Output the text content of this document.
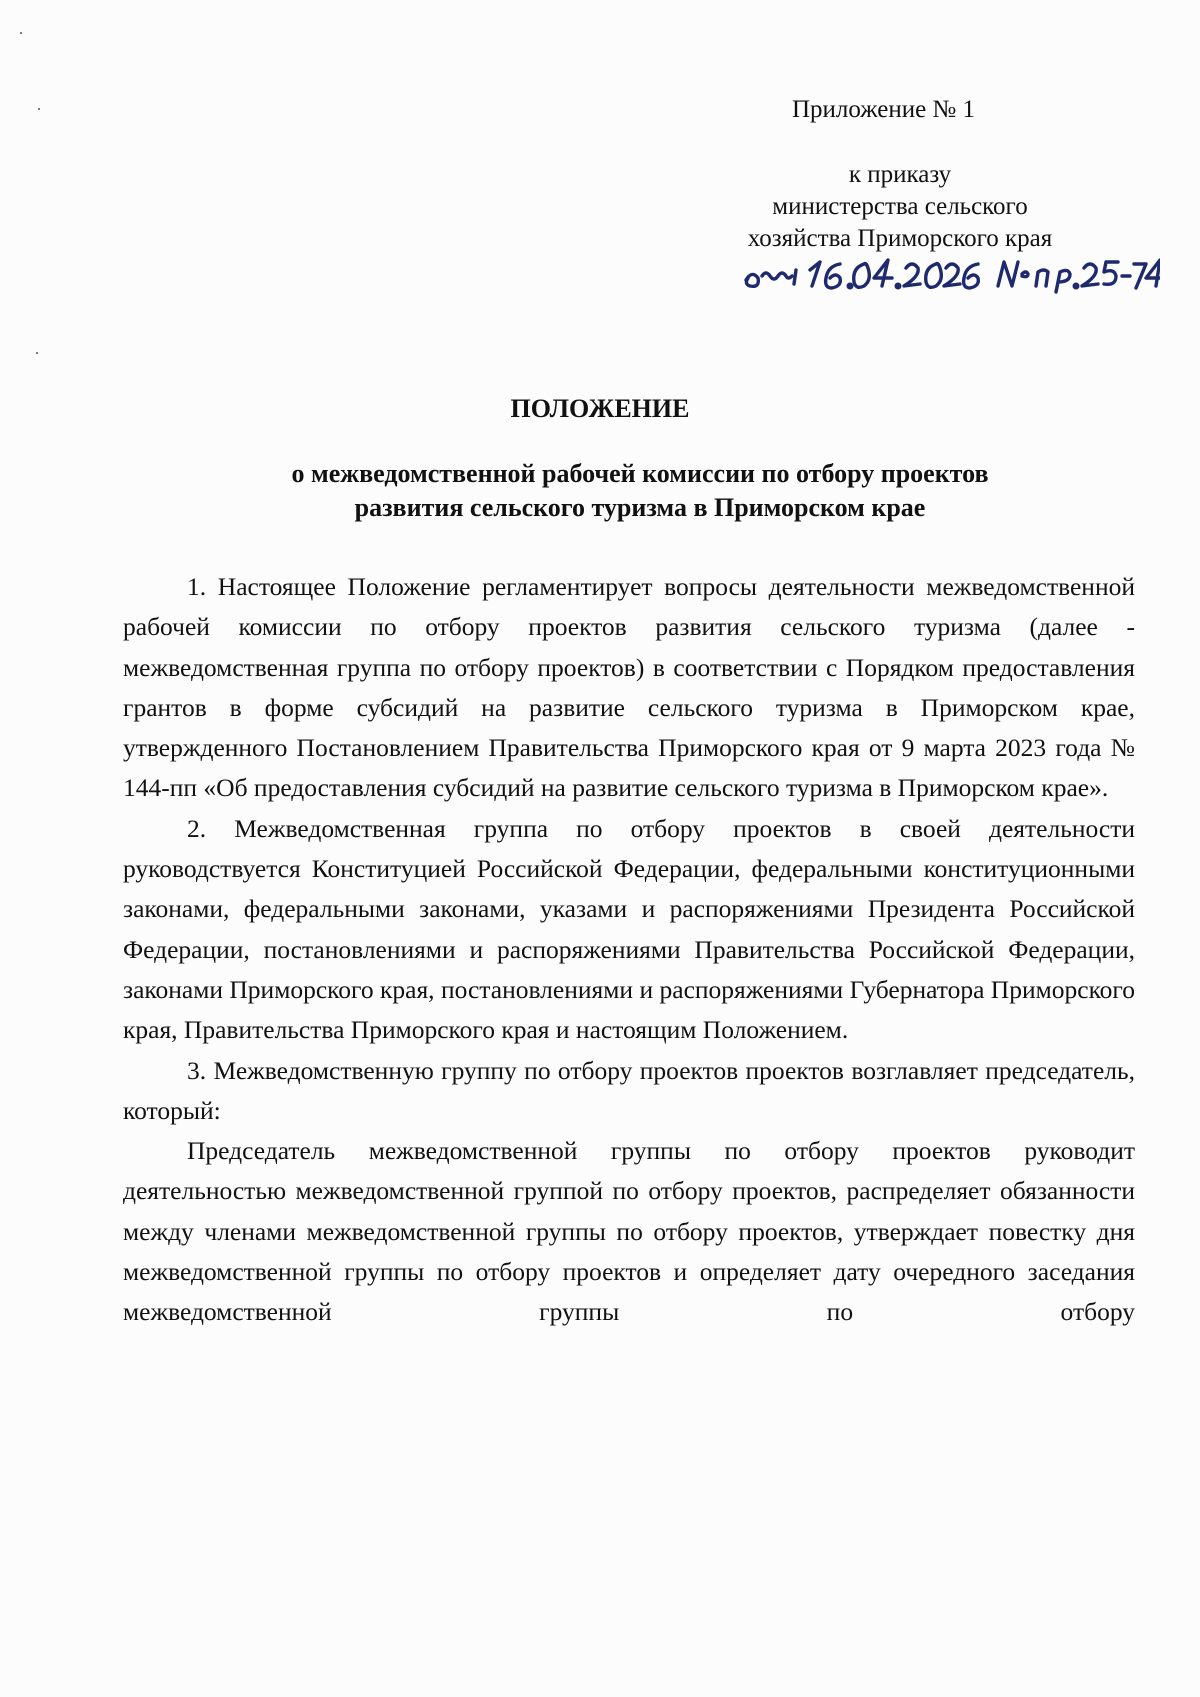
Приложение № 1
к приказу
министерства сельского
хозяйства Приморского края
ПОЛОЖЕНИЕ
о межведомственной рабочей комиссии по отбору проектов
развития сельского туризма в Приморском крае

1. Настоящее Положение регламентирует вопросы деятельности межведомственной рабочей комиссии по отбору проектов развития сельского туризма (далее - межведомственная группа по отбору проектов) в соответствии с Порядком предоставления грантов в форме субсидий на развитие сельского туризма в Приморском крае, утвержденного Постановлением Правительства Приморского края от 9 марта 2023 года № 144-пп «Об предоставления субсидий на развитие сельского туризма в Приморском крае».

2. Межведомственная группа по отбору проектов в своей деятельности руководствуется Конституцией Российской Федерации, федеральными конституционными законами, федеральными законами, указами и распоряжениями Президента Российской Федерации, постановлениями и распоряжениями Правительства Российской Федерации, законами Приморского края, постановлениями и распоряжениями Губернатора Приморского края, Правительства Приморского края и настоящим Положением.

3. Межведомственную группу по отбору проектов проектов возглавляет председатель, который:

Председатель межведомственной группы по отбору проектов руководит деятельностью межведомственной группой по отбору проектов, распределяет обязанности между членами межведомственной группы по отбору проектов, утверждает повестку дня межведомственной группы по отбору проектов и определяет дату очередного заседания межведомственной группы по отбору
